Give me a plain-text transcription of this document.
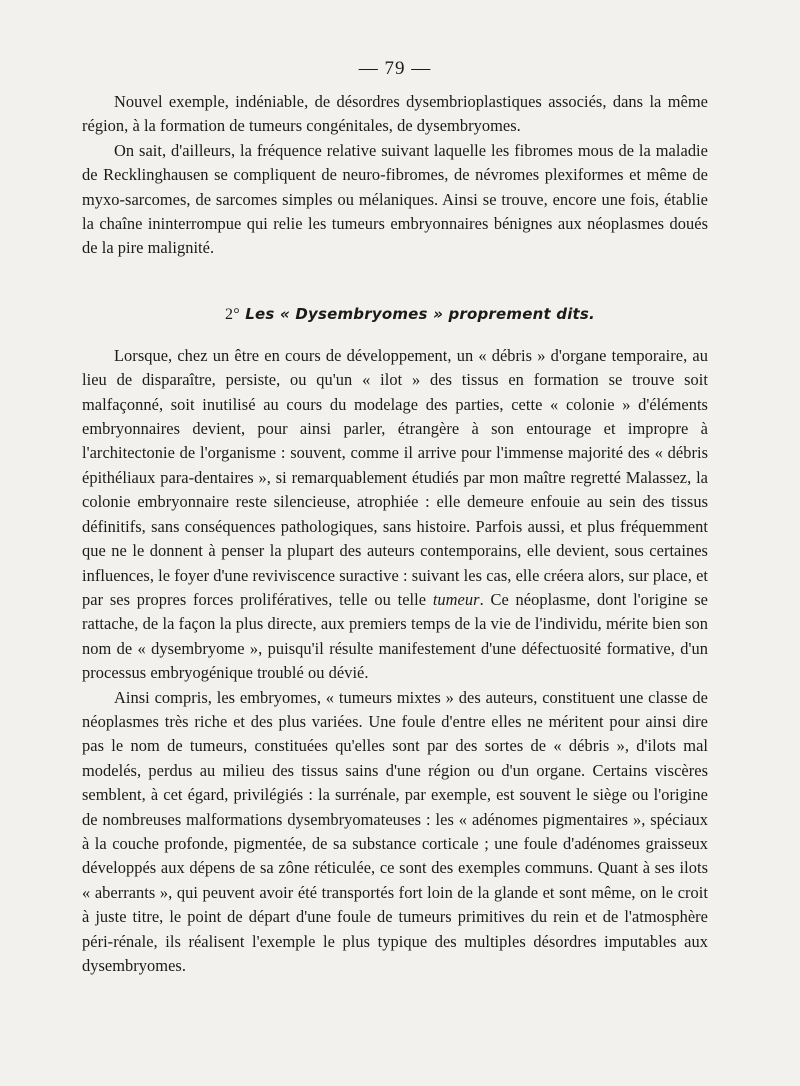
— 79 —

Nouvel exemple, indéniable, de désordres dysembrioplastiques associés, dans la même région, à la formation de tumeurs congénitales, de dysembryomes.

On sait, d'ailleurs, la fréquence relative suivant laquelle les fibromes mous de la maladie de Recklinghausen se compliquent de neuro-fibromes, de névromes plexiformes et même de myxo-sarcomes, de sarcomes simples ou mélaniques. Ainsi se trouve, encore une fois, établie la chaîne ininterrompue qui relie les tumeurs embryonnaires bénignes aux néoplasmes doués de la pire malignité.

2° Les « Dysembryomes » proprement dits.

Lorsque, chez un être en cours de développement, un « débris » d'organe temporaire, au lieu de disparaître, persiste, ou qu'un « ilot » des tissus en formation se trouve soit malfaçonné, soit inutilisé au cours du modelage des parties, cette « colonie » d'éléments embryonnaires devient, pour ainsi parler, étrangère à son entourage et impropre à l'architectonie de l'organisme : souvent, comme il arrive pour l'immense majorité des « débris épithéliaux para-dentaires », si remarquablement étudiés par mon maître regretté Malassez, la colonie embryonnaire reste silencieuse, atrophiée : elle demeure enfouie au sein des tissus définitifs, sans conséquences pathologiques, sans histoire. Parfois aussi, et plus fréquemment que ne le donnent à penser la plupart des auteurs contemporains, elle devient, sous certaines influences, le foyer d'une reviviscence suractive : suivant les cas, elle créera alors, sur place, et par ses propres forces prolifératives, telle ou telle tumeur. Ce néoplasme, dont l'origine se rattache, de la façon la plus directe, aux premiers temps de la vie de l'individu, mérite bien son nom de « dysembryome », puisqu'il résulte manifestement d'une défectuosité formative, d'un processus embryogénique troublé ou dévié.

Ainsi compris, les embryomes, « tumeurs mixtes » des auteurs, constituent une classe de néoplasmes très riche et des plus variées. Une foule d'entre elles ne méritent pour ainsi dire pas le nom de tumeurs, constituées qu'elles sont par des sortes de « débris », d'ilots mal modelés, perdus au milieu des tissus sains d'une région ou d'un organe. Certains viscères semblent, à cet égard, privilégiés : la surrénale, par exemple, est souvent le siège ou l'origine de nombreuses malformations dysembryomateuses : les « adénomes pigmentaires », spéciaux à la couche profonde, pigmentée, de sa substance corticale ; une foule d'adénomes graisseux développés aux dépens de sa zône réticulée, ce sont des exemples communs. Quant à ses ilots « aberrants », qui peuvent avoir été transportés fort loin de la glande et sont même, on le croit à juste titre, le point de départ d'une foule de tumeurs primitives du rein et de l'atmosphère péri-rénale, ils réalisent l'exemple le plus typique des multiples désordres imputables aux dysembryomes.
